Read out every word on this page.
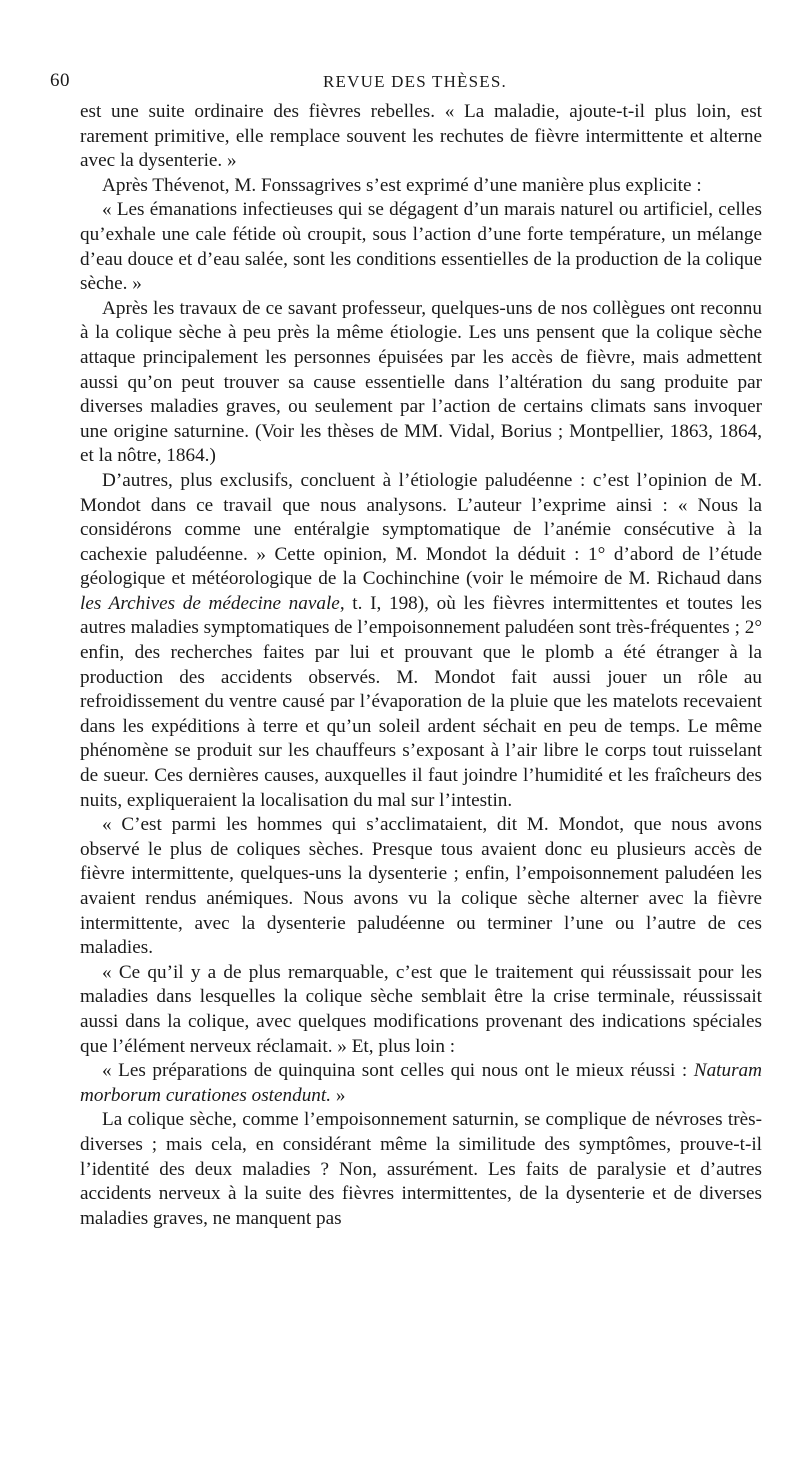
60	REVUE DES THÈSES.

est une suite ordinaire des fièvres rebelles. « La maladie, ajoute-t-il plus loin, est rarement primitive, elle remplace souvent les rechutes de fièvre intermittente et alterne avec la dysenterie. »

Après Thévenot, M. Fonssagrives s’est exprimé d’une manière plus explicite :

« Les émanations infectieuses qui se dégagent d’un marais naturel ou artificiel, celles qu’exhale une cale fétide où croupit, sous l’action d’une forte température, un mélange d’eau douce et d’eau salée, sont les conditions essentielles de la production de la colique sèche. »

Après les travaux de ce savant professeur, quelques-uns de nos collègues ont reconnu à la colique sèche à peu près la même étiologie. Les uns pensent que la colique sèche attaque principalement les personnes épuisées par les accès de fièvre, mais admettent aussi qu’on peut trouver sa cause essentielle dans l’altération du sang produite par diverses maladies graves, ou seulement par l’action de certains climats sans invoquer une origine saturnine. (Voir les thèses de MM. Vidal, Borius ; Montpellier, 1863, 1864, et la nôtre, 1864.)

D’autres, plus exclusifs, concluent à l’étiologie paludéenne : c’est l’opinion de M. Mondot dans ce travail que nous analysons. L’auteur l’exprime ainsi : « Nous la considérons comme une entéralgie symptomatique de l’anémie consécutive à la cachexie paludéenne. » Cette opinion, M. Mondot la déduit : 1° d’abord de l’étude géologique et météorologique de la Cochinchine (voir le mémoire de M. Richaud dans les Archives de médecine navale, t. I, 198), où les fièvres intermittentes et toutes les autres maladies symptomatiques de l’empoisonnement paludéen sont très-fréquentes ; 2° enfin, des recherches faites par lui et prouvant que le plomb a été étranger à la production des accidents observés. M. Mondot fait aussi jouer un rôle au refroidissement du ventre causé par l’évaporation de la pluie que les matelots recevaient dans les expéditions à terre et qu’un soleil ardent séchait en peu de temps. Le même phénomène se produit sur les chauffeurs s’exposant à l’air libre le corps tout ruisselant de sueur. Ces dernières causes, auxquelles il faut joindre l’humidité et les fraîcheurs des nuits, expliqueraient la localisation du mal sur l’intestin.

« C’est parmi les hommes qui s’acclimataient, dit M. Mondot, que nous avons observé le plus de coliques sèches. Presque tous avaient donc eu plusieurs accès de fièvre intermittente, quelques-uns la dysenterie ; enfin, l’empoisonnement paludéen les avaient rendus anémiques. Nous avons vu la colique sèche alterner avec la fièvre intermittente, avec la dysenterie paludéenne ou terminer l’une ou l’autre de ces maladies.

« Ce qu’il y a de plus remarquable, c’est que le traitement qui réussissait pour les maladies dans lesquelles la colique sèche semblait être la crise terminale, réussissait aussi dans la colique, avec quelques modifications provenant des indications spéciales que l’élément nerveux réclamait. » Et, plus loin :

« Les préparations de quinquina sont celles qui nous ont le mieux réussi : Naturam morborum curationes ostendunt. »

La colique sèche, comme l’empoisonnement saturnin, se complique de névroses très-diverses ; mais cela, en considérant même la similitude des symptômes, prouve-t-il l’identité des deux maladies ? Non, assurément. Les faits de paralysie et d’autres accidents nerveux à la suite des fièvres intermittentes, de la dysenterie et de diverses maladies graves, ne manquent pas
